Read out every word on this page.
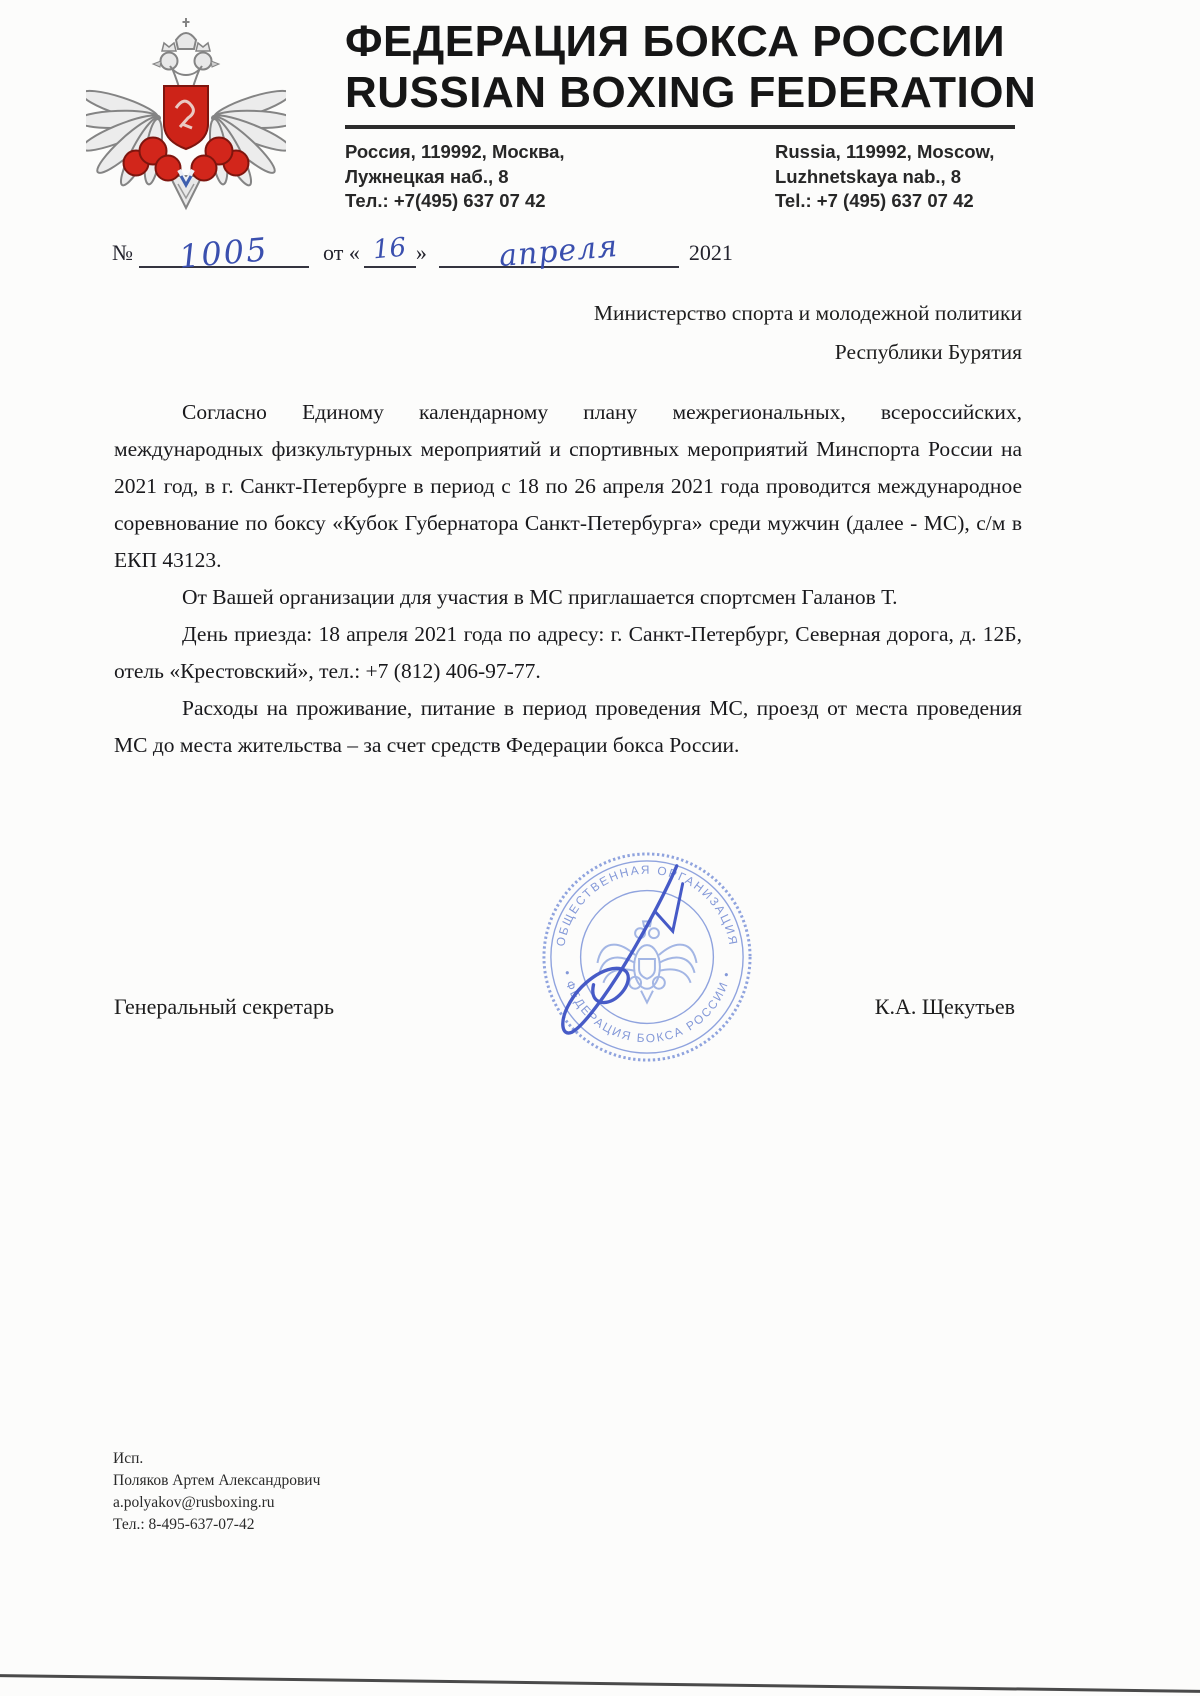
ФЕДЕРАЦИЯ БОКСА РОССИИ
RUSSIAN BOXING FEDERATION
Россия, 119992, Москва,
Лужнецкая наб., 8
Тел.: +7(495) 637 07 42
Russia, 119992, Moscow,
Luzhnetskaya nab., 8
Tel.: +7 (495) 637 07 42
№	1005	от « 16 »	апреля	2021
Министерство спорта и молодежной политики
Республики Бурятия

Согласно Единому календарному плану межрегиональных, всероссийских, международных физкультурных мероприятий и спортивных мероприятий Минспорта России на 2021 год, в г. Санкт-Петербурге в период с 18 по 26 апреля 2021 года проводится международное соревнование по боксу «Кубок Губернатора Санкт-Петербурга» среди мужчин (далее - МС), с/м в ЕКП 43123.

От Вашей организации для участия в МС приглашается спортсмен Галанов Т.

День приезда: 18 апреля 2021 года по адресу: г. Санкт-Петербург, Северная дорога, д. 12Б, отель «Крестовский», тел.: +7 (812) 406-97-77.

Расходы на проживание, питание в период проведения МС, проезд от места проведения МС до места жительства – за счет средств Федерации бокса России.

Генеральный секретарь	К.А. Щекутьев
ОБЩЕСТВЕННАЯ ОРГАНИЗАЦИЯ
• ФЕДЕРАЦИЯ БОКСА РОССИИ •
Исп.
Поляков Артем Александрович
a.polyakov@rusboxing.ru
Тел.: 8-495-637-07-42
